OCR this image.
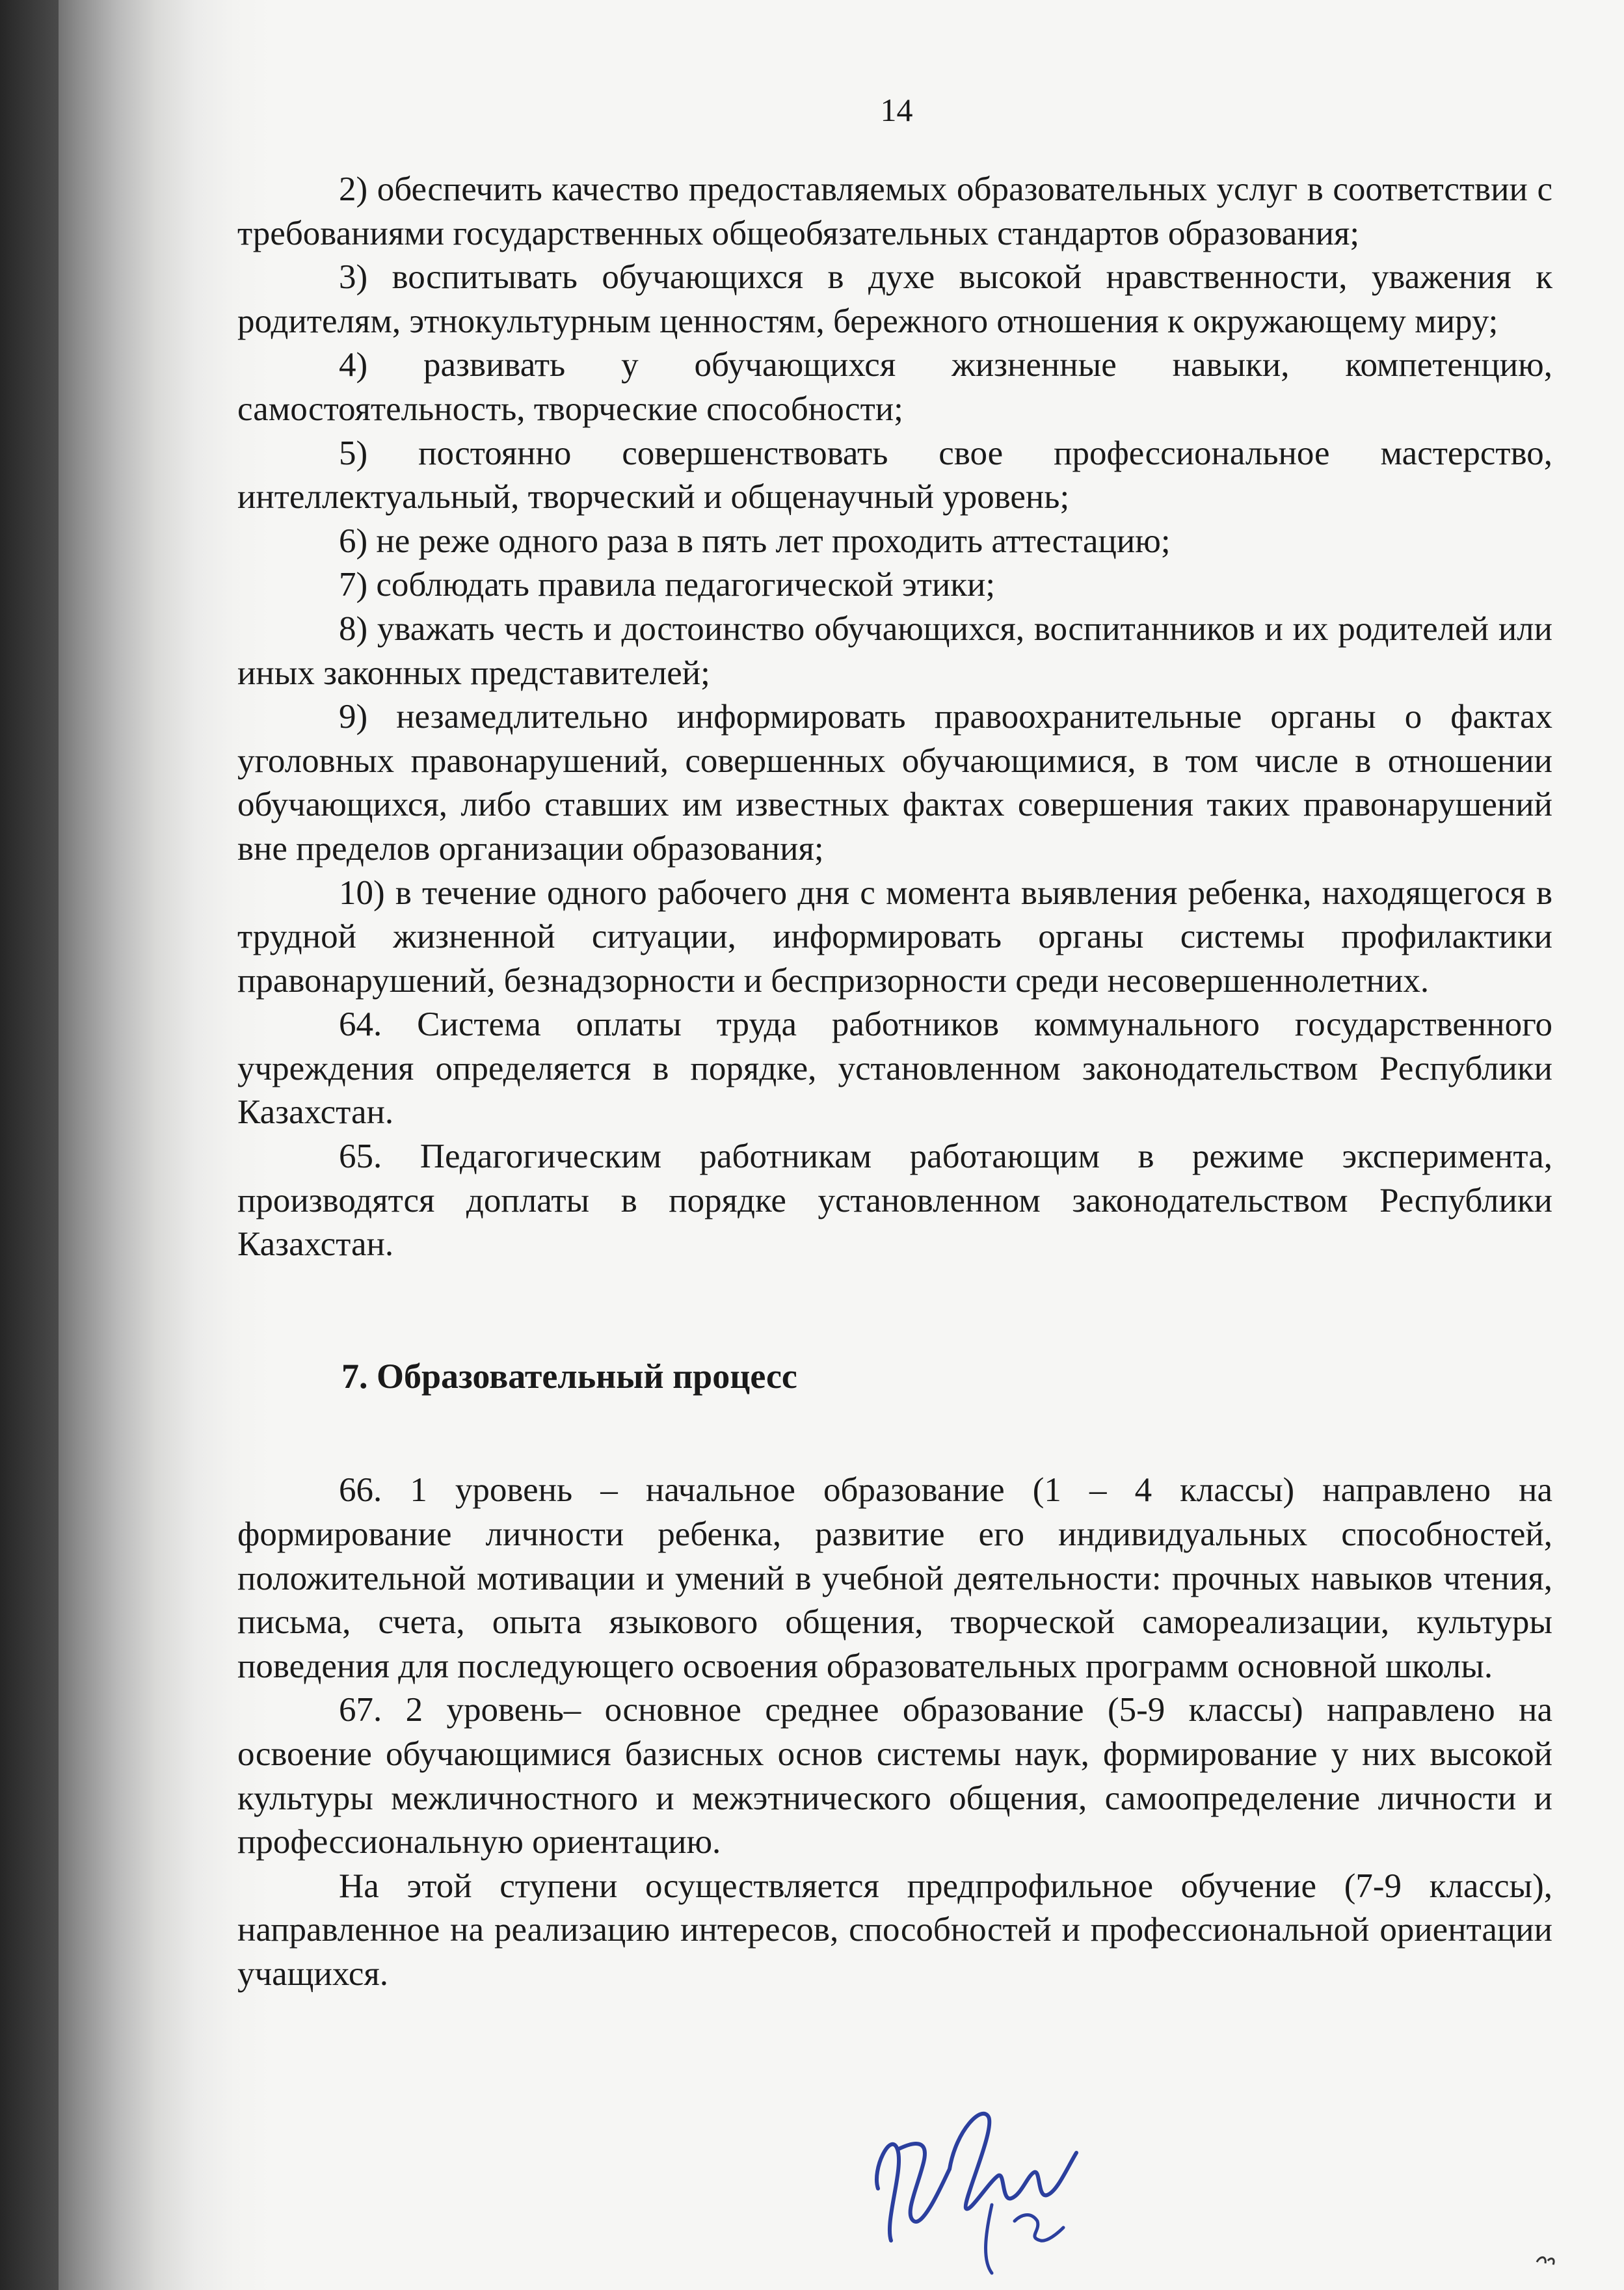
14

2) обеспечить качество предоставляемых образовательных услуг в соответствии с требованиями государственных общеобязательных стандартов образования;

3) воспитывать обучающихся в духе высокой нравственности, уважения к родителям, этнокультурным ценностям, бережного отношения к окружающему миру;

4) развивать у обучающихся жизненные навыки, компетенцию, самостоятельность, творческие способности;

5) постоянно совершенствовать свое профессиональное мастерство, интеллектуальный, творческий и общенаучный уровень;

6) не реже одного раза в пять лет проходить аттестацию;

7) соблюдать правила педагогической этики;

8) уважать честь и достоинство обучающихся, воспитанников и их родителей или иных законных представителей;

9) незамедлительно информировать правоохранительные органы о фактах уголовных правонарушений, совершенных обучающимися, в том числе в отношении обучающихся, либо ставших им известных фактах совершения таких правонарушений вне пределов организации образования;

10) в течение одного рабочего дня с момента выявления ребенка, находящегося в трудной жизненной ситуации, информировать органы системы профилактики правонарушений, безнадзорности и беспризорности среди несовершеннолетних.

64. Система оплаты труда работников коммунального государственного учреждения определяется в порядке, установленном законодательством Республики Казахстан.

65. Педагогическим работникам работающим в режиме эксперимента, производятся доплаты в порядке установленном законодательством Республики Казахстан.

7. Образовательный процесс

66. 1 уровень – начальное образование (1 – 4 классы) направлено на формирование личности ребенка, развитие его индивидуальных способностей, положительной мотивации и умений в учебной деятельности: прочных навыков чтения, письма, счета, опыта языкового общения, творческой самореализации, культуры поведения для последующего освоения образовательных программ основной школы.

67. 2 уровень– основное среднее образование (5-9 классы) направлено на освоение обучающимися базисных основ системы наук, формирование у них высокой культуры межличностного и межэтнического общения, самоопределение личности и профессиональную ориентацию.

На этой ступени осуществляется предпрофильное обучение (7-9 классы), направленное на реализацию интересов, способностей и профессиональной ориентации учащихся.
